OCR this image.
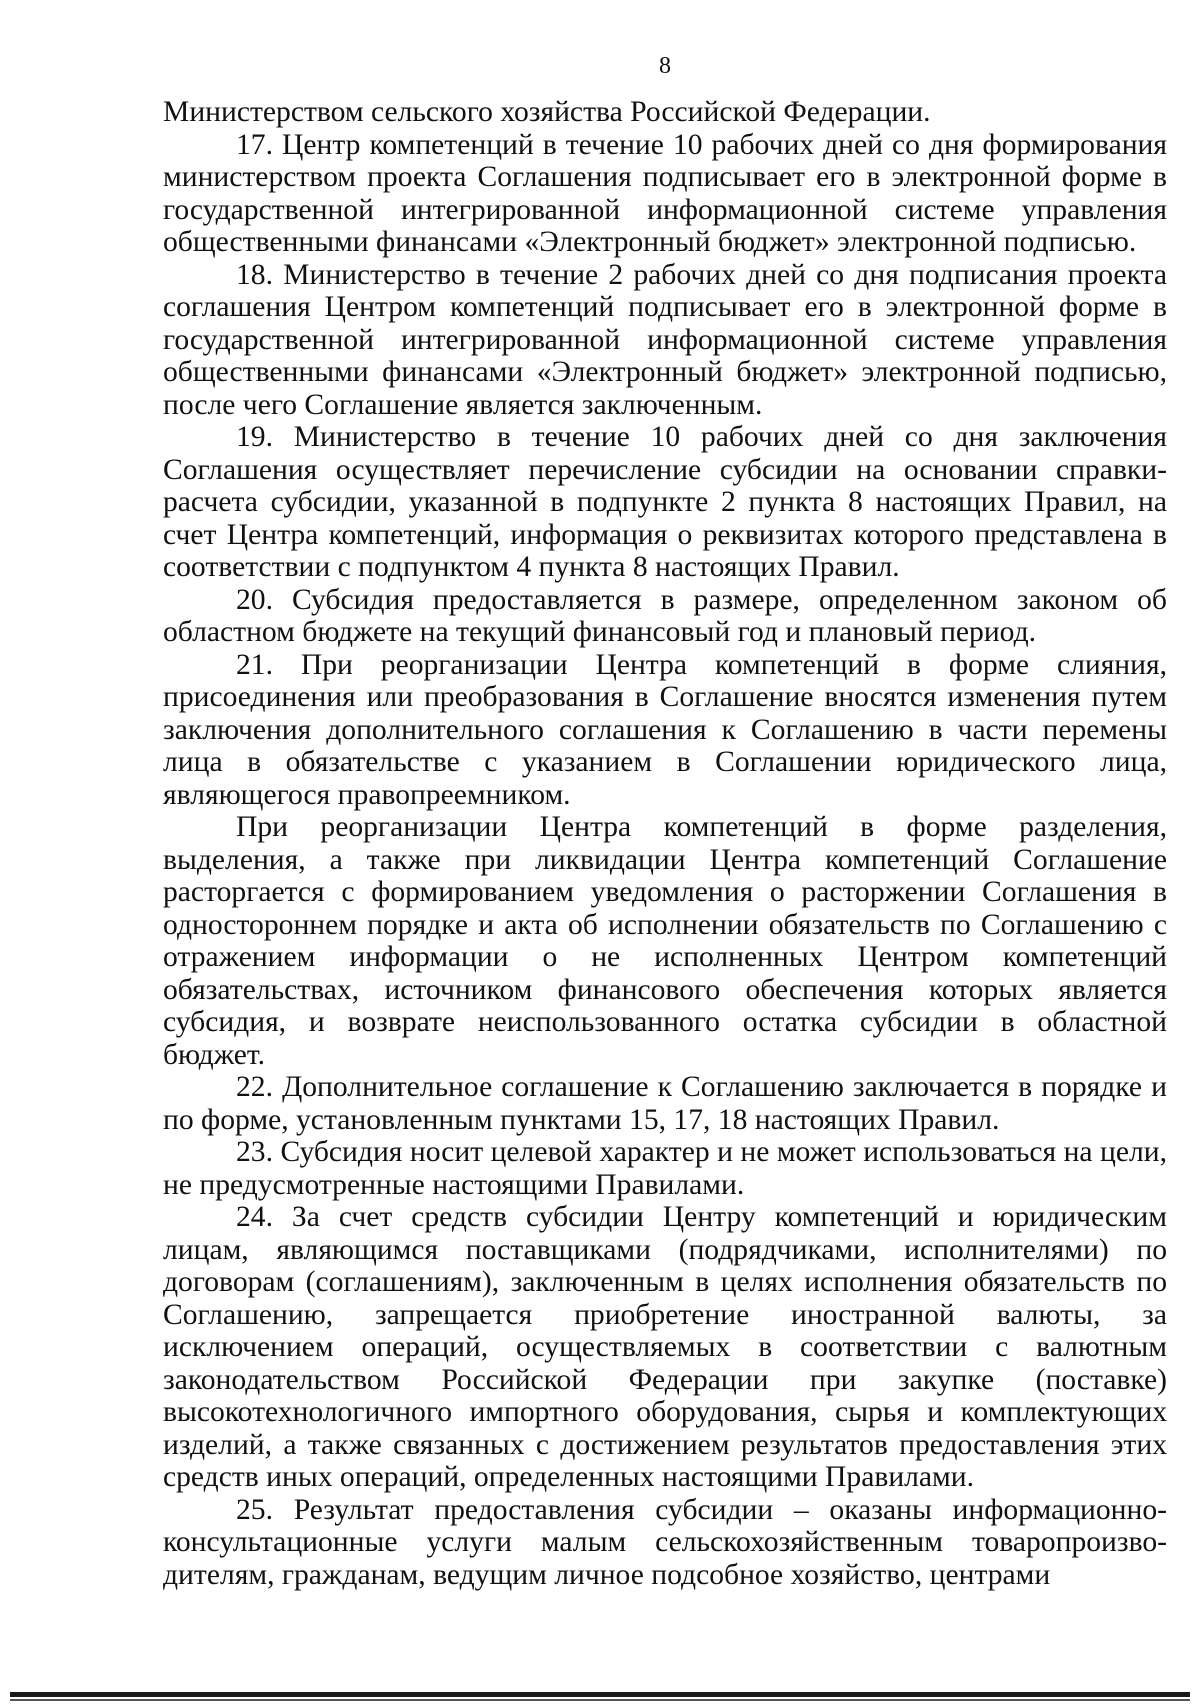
8

Министерством сельского хозяйства Российской Федерации.

17. Центр компетенций в течение 10 рабочих дней со дня формирования министерством проекта Соглашения подписывает его в электронной форме в государственной интегрированной информационной системе управления общественными финансами «Электронный бюджет» электронной подписью.

18. Министерство в течение 2 рабочих дней со дня подписания проекта соглашения Центром компетенций подписывает его в электронной форме в государственной интегрированной информационной системе управления общественными финансами «Электронный бюджет» электронной подписью, после чего Соглашение является заключенным.

19. Министерство в течение 10 рабочих дней со дня заключения Соглашения осуществляет перечисление субсидии на основании справки-расчета субсидии, указанной в подпункте 2 пункта 8 настоящих Правил, на счет Центра компетенций, информация о реквизитах которого представлена в соответствии с подпунктом 4 пункта 8 настоящих Правил.

20. Субсидия предоставляется в размере, определенном законом об областном бюджете на текущий финансовый год и плановый период.

21. При реорганизации Центра компетенций в форме слияния, присоединения или преобразования в Соглашение вносятся изменения путем заключения дополнительного соглашения к Соглашению в части перемены лица в обязательстве с указанием в Соглашении юридического лица, являющегося правопреемником.

При реорганизации Центра компетенций в форме разделения, выделения, а также при ликвидации Центра компетенций Соглашение расторгается с формированием уведомления о расторжении Соглашения в одностороннем порядке и акта об исполнении обязательств по Соглашению с отражением информации о не исполненных Центром компетенций обязательствах, источником финансового обеспечения которых является субсидия, и возврате неиспользованного остатка субсидии в областной бюджет.

22. Дополнительное соглашение к Соглашению заключается в порядке и по форме, установленным пунктами 15, 17, 18 настоящих Правил.

23. Субсидия носит целевой характер и не может использоваться на цели, не предусмотренные настоящими Правилами.

24. За счет средств субсидии Центру компетенций и юридическим лицам, являющимся поставщиками (подрядчиками, исполнителями) по договорам (соглашениям), заключенным в целях исполнения обязательств по Соглашению, запрещается приобретение иностранной валюты, за исключением операций, осуществляемых в соответствии с валютным законодательством Российской Федерации при закупке (поставке) высокотехнологичного импортного оборудования, сырья и комплектующих изделий, а также связанных с достижением результатов предоставления этих средств иных операций, определенных настоящими Правилами.

25. Результат предоставления субсидии – оказаны информационно-консультационные услуги малым сельскохозяйственным товаропроизво-дителям, гражданам, ведущим личное подсобное хозяйство, центрами
